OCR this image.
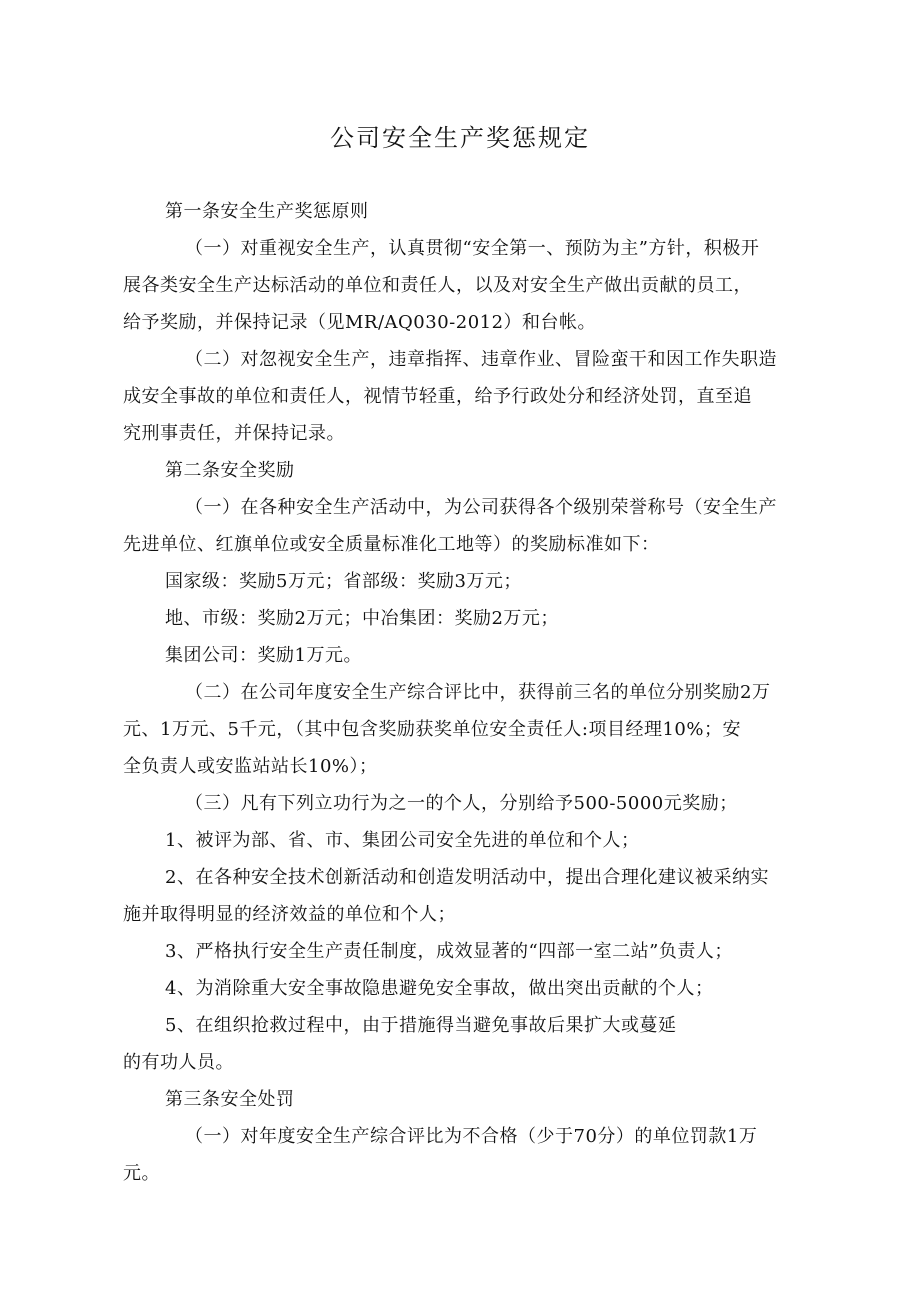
公司安全生产奖惩规定
第一条安全生产奖惩原则
（一）对重视安全生产，认真贯彻“安全第一、预防为主”方针，积极开
展各类安全生产达标活动的单位和责任人，以及对安全生产做出贡献的员工，
给予奖励，并保持记录（见MR/AQ030-2012）和台帐。
（二）对忽视安全生产，违章指挥、违章作业、冒险蛮干和因工作失职造
成安全事故的单位和责任人，视情节轻重，给予行政处分和经济处罚，直至追
究刑事责任，并保持记录。
第二条安全奖励
（一）在各种安全生产活动中，为公司获得各个级别荣誉称号（安全生产
先进单位、红旗单位或安全质量标准化工地等）的奖励标准如下：
国家级：奖励5万元；省部级：奖励3万元；
地、市级：奖励2万元；中冶集团：奖励2万元；
集团公司：奖励1万元。
（二）在公司年度安全生产综合评比中，获得前三名的单位分别奖励2万
元、1万元、5千元，（其中包含奖励获奖单位安全责任人:项目经理10%；安
全负责人或安监站站长10%）；
（三）凡有下列立功行为之一的个人，分别给予500-5000元奖励；
1、被评为部、省、市、集团公司安全先进的单位和个人；
2、在各种安全技术创新活动和创造发明活动中，提出合理化建议被采纳实
施并取得明显的经济效益的单位和个人；
3、严格执行安全生产责任制度，成效显著的“四部一室二站”负责人；
4、为消除重大安全事故隐患避免安全事故，做出突出贡献的个人；
5、在组织抢救过程中，由于措施得当避免事故后果扩大或蔓延
的有功人员。
第三条安全处罚
（一）对年度安全生产综合评比为不合格（少于70分）的单位罚款1万
元。
